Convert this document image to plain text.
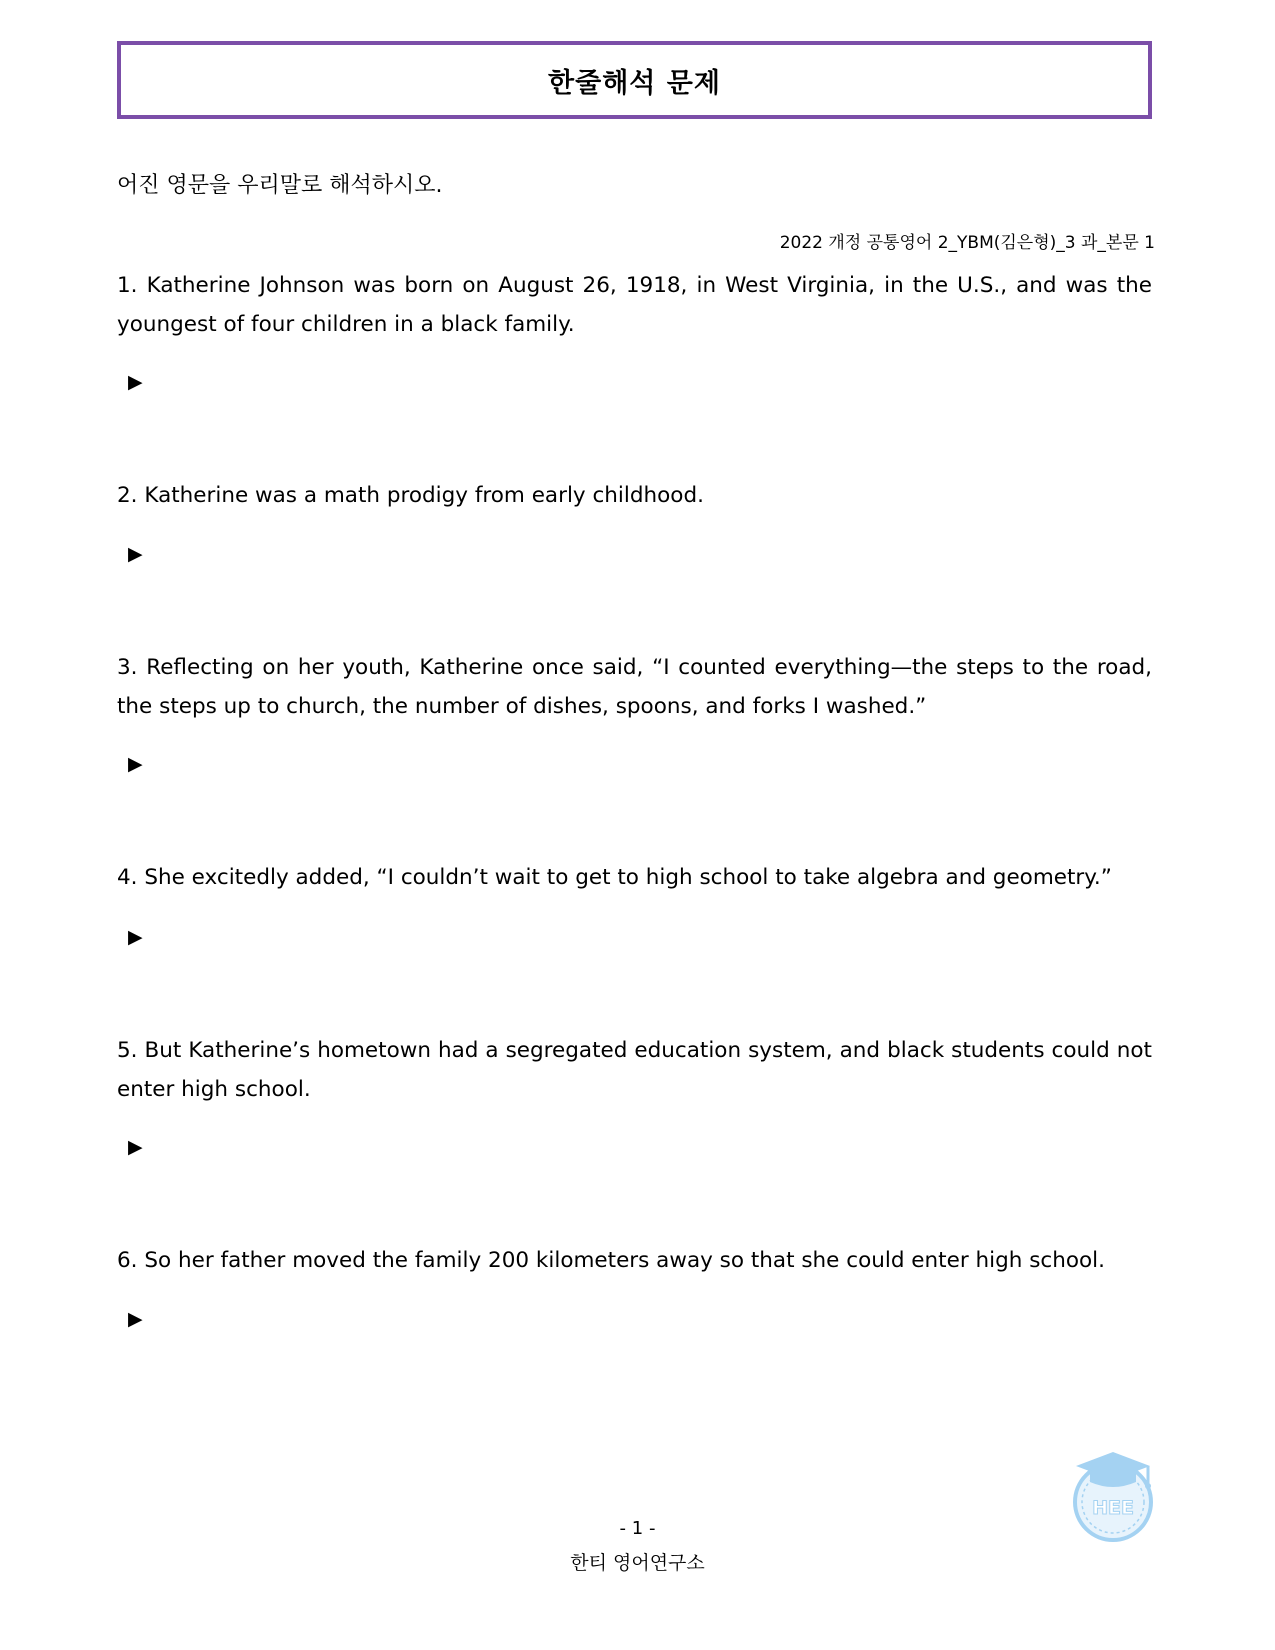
한줄해석 문제
어진 영문을 우리말로 해석하시오.
2022 개정 공통영어 2_YBM(김은형)_3 과_본문 1
1. Katherine Johnson was born on August 26, 1918, in West Virginia, in the U.S., and was the youngest of four children in a black family.
▶
2. Katherine was a math prodigy from early childhood.
▶
3. Reflecting on her youth, Katherine once said, “I counted everything—the steps to the road, the steps up to church, the number of dishes, spoons, and forks I washed.”
▶
4. She excitedly added, “I couldn’t wait to get to high school to take algebra and geometry.”
▶
5. But Katherine’s hometown had a segregated education system, and black students could not enter high school.
▶
6. So her father moved the family 200 kilometers away so that she could enter high school.
▶
HEE
- 1 -
한티 영어연구소
